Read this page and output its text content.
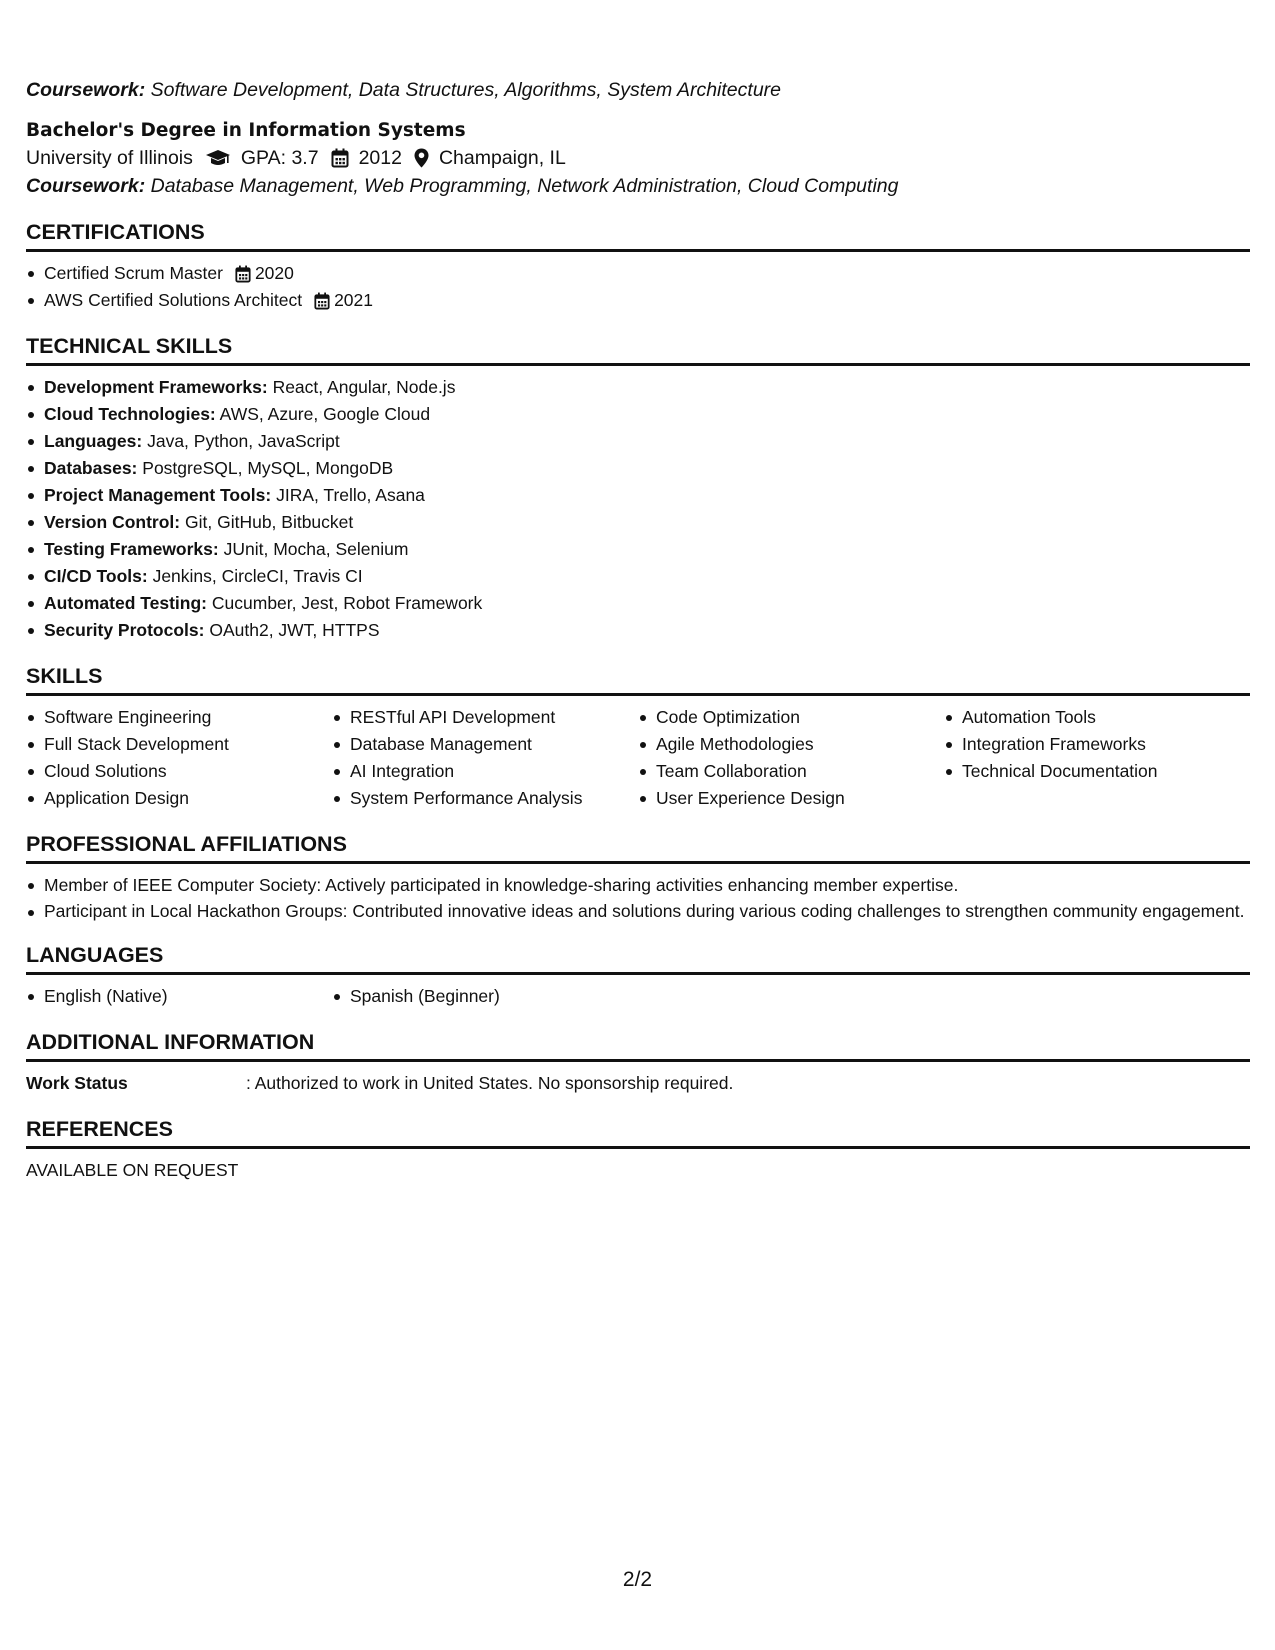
Coursework: Software Development, Data Structures, Algorithms, System Architecture

Bachelor's Degree in Information Systems
University of Illinois GPA: 3.7 2012 Champaign, IL

Coursework: Database Management, Web Programming, Network Administration, Cloud Computing

CERTIFICATIONS
Certified Scrum Master 2020
AWS Certified Solutions Architect 2021
TECHNICAL SKILLS
Development Frameworks: React, Angular, Node.js
Cloud Technologies: AWS, Azure, Google Cloud
Languages: Java, Python, JavaScript
Databases: PostgreSQL, MySQL, MongoDB
Project Management Tools: JIRA, Trello, Asana
Version Control: Git, GitHub, Bitbucket
Testing Frameworks: JUnit, Mocha, Selenium
CI/CD Tools: Jenkins, CircleCI, Travis CI
Automated Testing: Cucumber, Jest, Robot Framework
Security Protocols: OAuth2, JWT, HTTPS
SKILLS
Software Engineering
Full Stack Development
Cloud Solutions
Application Design
RESTful API Development
Database Management
AI Integration
System Performance Analysis
Code Optimization
Agile Methodologies
Team Collaboration
User Experience Design
Automation Tools
Integration Frameworks
Technical Documentation
PROFESSIONAL AFFILIATIONS
Member of IEEE Computer Society: Actively participated in knowledge-sharing activities enhancing member expertise.
Participant in Local Hackathon Groups: Contributed innovative ideas and solutions during various coding challenges to strengthen community engagement.
LANGUAGES
English (Native)	Spanish (Beginner)
ADDITIONAL INFORMATION
Work Status	: Authorized to work in United States. No sponsorship required.
REFERENCES
AVAILABLE ON REQUEST
2/2
